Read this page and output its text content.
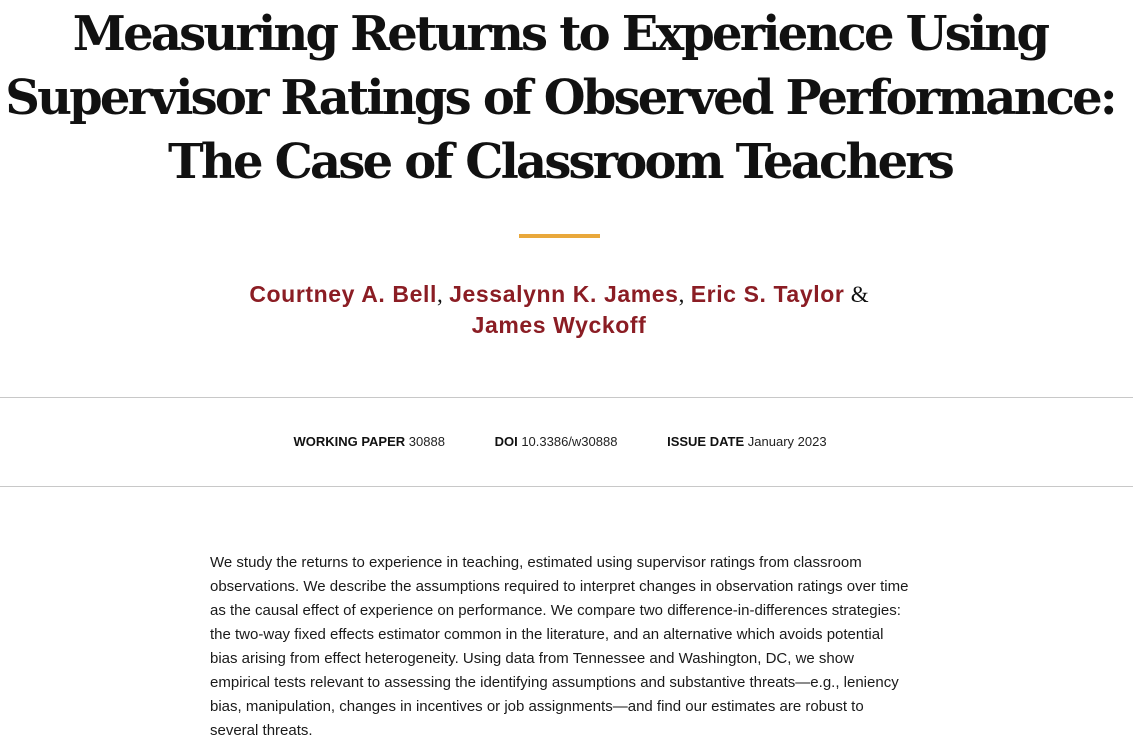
Measuring Returns to Experience Using Supervisor Ratings of Observed Performance: The Case of Classroom Teachers
Courtney A. Bell, Jessalynn K. James, Eric S. Taylor &
James Wyckoff
WORKING PAPER 30888	DOI 10.3386/w30888	ISSUE DATE January 2023

We study the returns to experience in teaching, estimated using supervisor ratings from classroom observations. We describe the assumptions required to interpret changes in observation ratings over time as the causal effect of experience on performance. We compare two difference-in-differences strategies: the two-way fixed effects estimator common in the literature, and an alternative which avoids potential bias arising from effect heterogeneity. Using data from Tennessee and Washington, DC, we show empirical tests relevant to assessing the identifying assumptions and substantive threats—e.g., leniency bias, manipulation, changes in incentives or job assignments—and find our estimates are robust to several threats.
